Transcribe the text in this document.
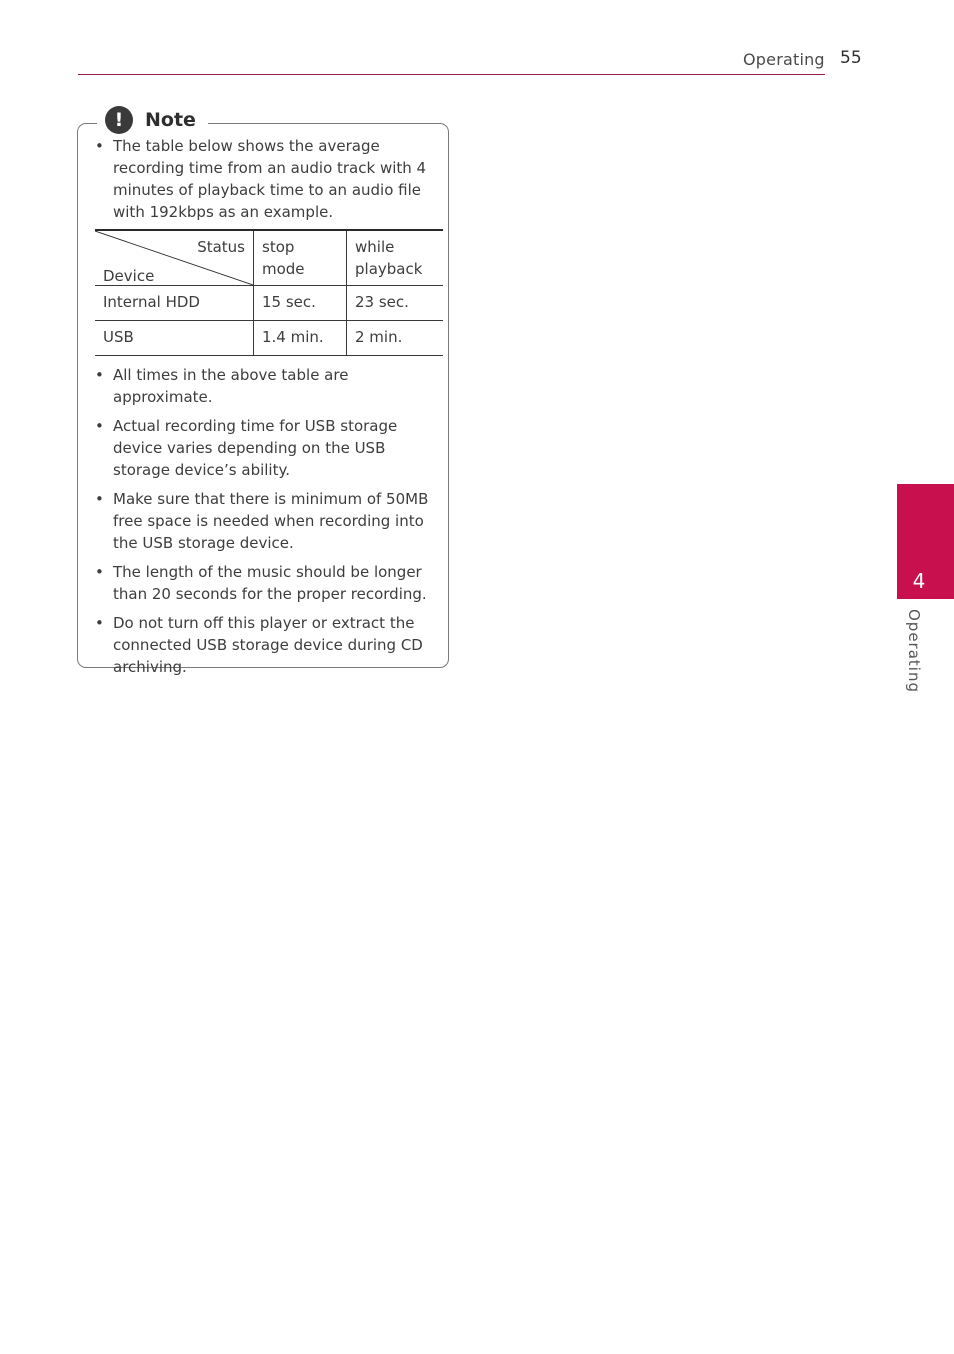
Operating 55
!	Note
• The table below shows the average recording time from an audio track with 4 minutes of playback time to an audio file with 192kbps as an example.
Status
Device	stop mode	while playback
Internal HDD	15 sec.	23 sec.
USB	1.4 min.	2 min.
• All times in the above table are approximate.
• Actual recording time for USB storage device varies depending on the USB storage device’s ability.
• Make sure that there is minimum of 50MB free space is needed when recording into the USB storage device.
• The length of the music should be longer than 20 seconds for the proper recording.
• Do not turn off this player or extract the connected USB storage device during CD archiving.
4
Operating
